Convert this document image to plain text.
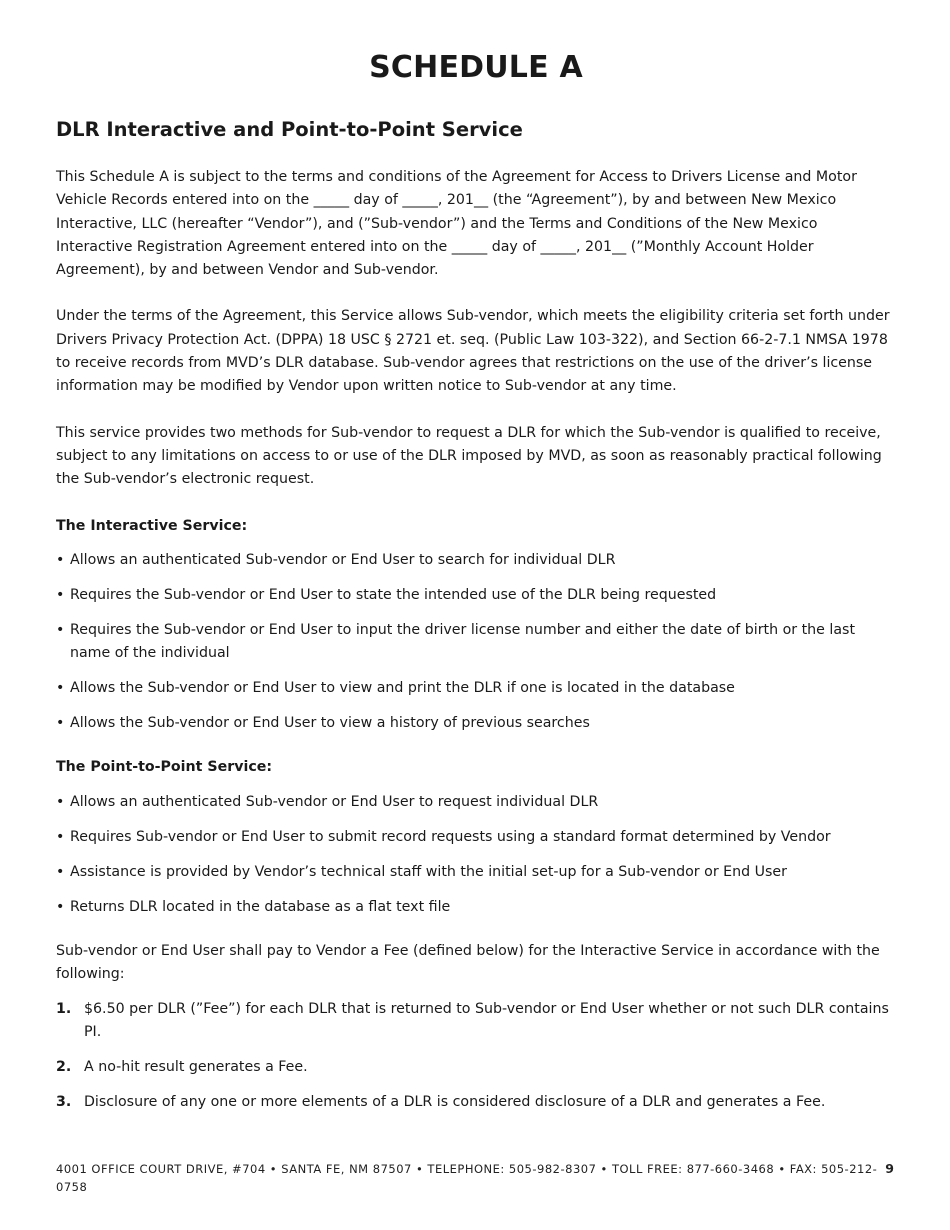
SCHEDULE A
DLR Interactive and Point-to-Point Service

This Schedule A is subject to the terms and conditions of the Agreement for Access to Drivers License and Motor Vehicle Records entered into on the _____ day of _____, 201__ (the “Agreement”), by and between New Mexico Interactive, LLC (hereafter “Vendor”), and (”Sub-vendor”) and the Terms and Conditions of the New Mexico Interactive Registration Agreement entered into on the _____ day of _____, 201__ (”Monthly Account Holder Agreement), by and between Vendor and Sub-vendor.

Under the terms of the Agreement, this Service allows Sub-vendor, which meets the eligibility criteria set forth under Drivers Privacy Protection Act. (DPPA) 18 USC § 2721 et. seq. (Public Law 103-322), and Section 66-2-7.1 NMSA 1978 to receive records from MVD’s DLR database. Sub-vendor agrees that restrictions on the use of the driver’s license information may be modified by Vendor upon written notice to Sub-vendor at any time.

This service provides two methods for Sub-vendor to request a DLR for which the Sub-vendor is qualified to receive, subject to any limitations on access to or use of the DLR imposed by MVD, as soon as reasonably practical following the Sub-vendor’s electronic request.

The Interactive Service:

• Allows an authenticated Sub-vendor or End User to search for individual DLR
• Requires the Sub-vendor or End User to state the intended use of the DLR being requested
• Requires the Sub-vendor or End User to input the driver license number and either the date of birth or the last name of the individual
• Allows the Sub-vendor or End User to view and print the DLR if one is located in the database
• Allows the Sub-vendor or End User to view a history of previous searches

The Point-to-Point Service:

• Allows an authenticated Sub-vendor or End User to request individual DLR
• Requires Sub-vendor or End User to submit record requests using a standard format determined by Vendor
• Assistance is provided by Vendor’s technical staff with the initial set-up for a Sub-vendor or End User
• Returns DLR located in the database as a flat text file

Sub-vendor or End User shall pay to Vendor a Fee (defined below) for the Interactive Service in accordance with the following:

1. $6.50 per DLR (”Fee”) for each DLR that is returned to Sub-vendor or End User whether or not such DLR contains PI.
2. A no-hit result generates a Fee.
3. Disclosure of any one or more elements of a DLR is considered disclosure of a DLR and generates a Fee.
4001 OFFICE COURT DRIVE, #704 • SANTA FE, NM 87507 • TELEPHONE: 505-982-8307 • TOLL FREE: 877-660-3468 • FAX: 505-212-0758
9
